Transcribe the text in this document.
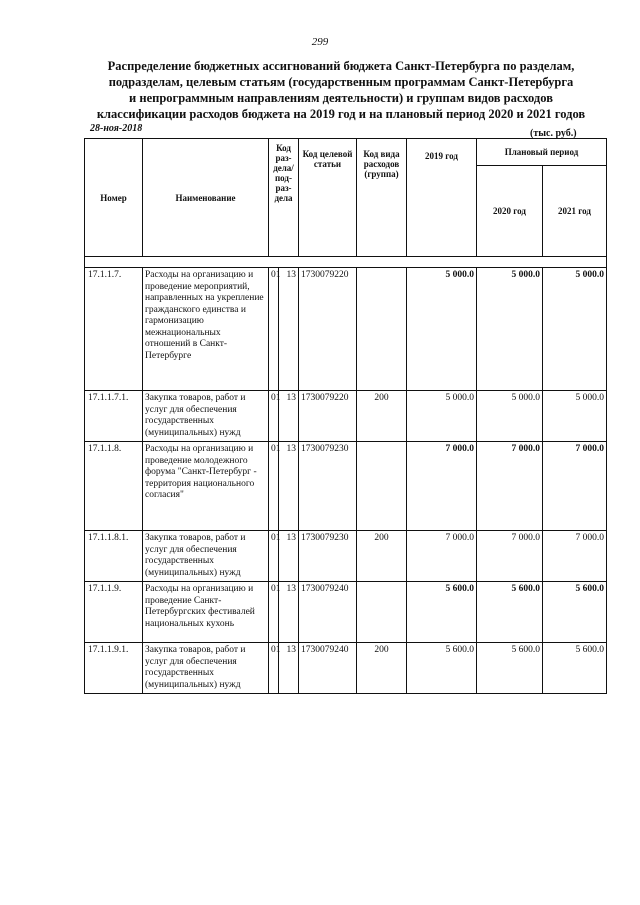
299
Распределение бюджетных ассигнований бюджета Санкт-Петербурга по разделам,
подразделам, целевым статьям (государственным программам Санкт-Петербурга
и непрограммным направлениям деятельности) и группам видов расходов
классификации расходов бюджета на 2019 год и на плановый период 2020 и 2021 годов
28-ноя-2018	(тыс. руб.)
Номер	Наименование	Код раз- дела/ под- раз- дела		Код целевой статьи	Код вида расходов (группа)	2019 год	Плановый период	
							2020 год	2021 год

17.1.1.7.	Расходы на организацию и проведение мероприятий, направленных на укрепление гражданского единства и гармонизацию межнациональных отношений в Санкт-Петербурге	01	13	1730079220		5 000.0	5 000.0	5 000.0
17.1.1.7.1.	Закупка товаров, работ и услуг для обеспечения государственных (муниципальных) нужд	01	13	1730079220	200	5 000.0	5 000.0	5 000.0
17.1.1.8.	Расходы на организацию и проведение молодежного форума "Санкт-Петербург - территория национального согласия"	01	13	1730079230		7 000.0	7 000.0	7 000.0
17.1.1.8.1.	Закупка товаров, работ и услуг для обеспечения государственных (муниципальных) нужд	01	13	1730079230	200	7 000.0	7 000.0	7 000.0
17.1.1.9.	Расходы на организацию и проведение Санкт-Петербургских фестивалей национальных кухонь	01	13	1730079240		5 600.0	5 600.0	5 600.0
17.1.1.9.1.	Закупка товаров, работ и услуг для обеспечения государственных (муниципальных) нужд	01	13	1730079240	200	5 600.0	5 600.0	5 600.0
